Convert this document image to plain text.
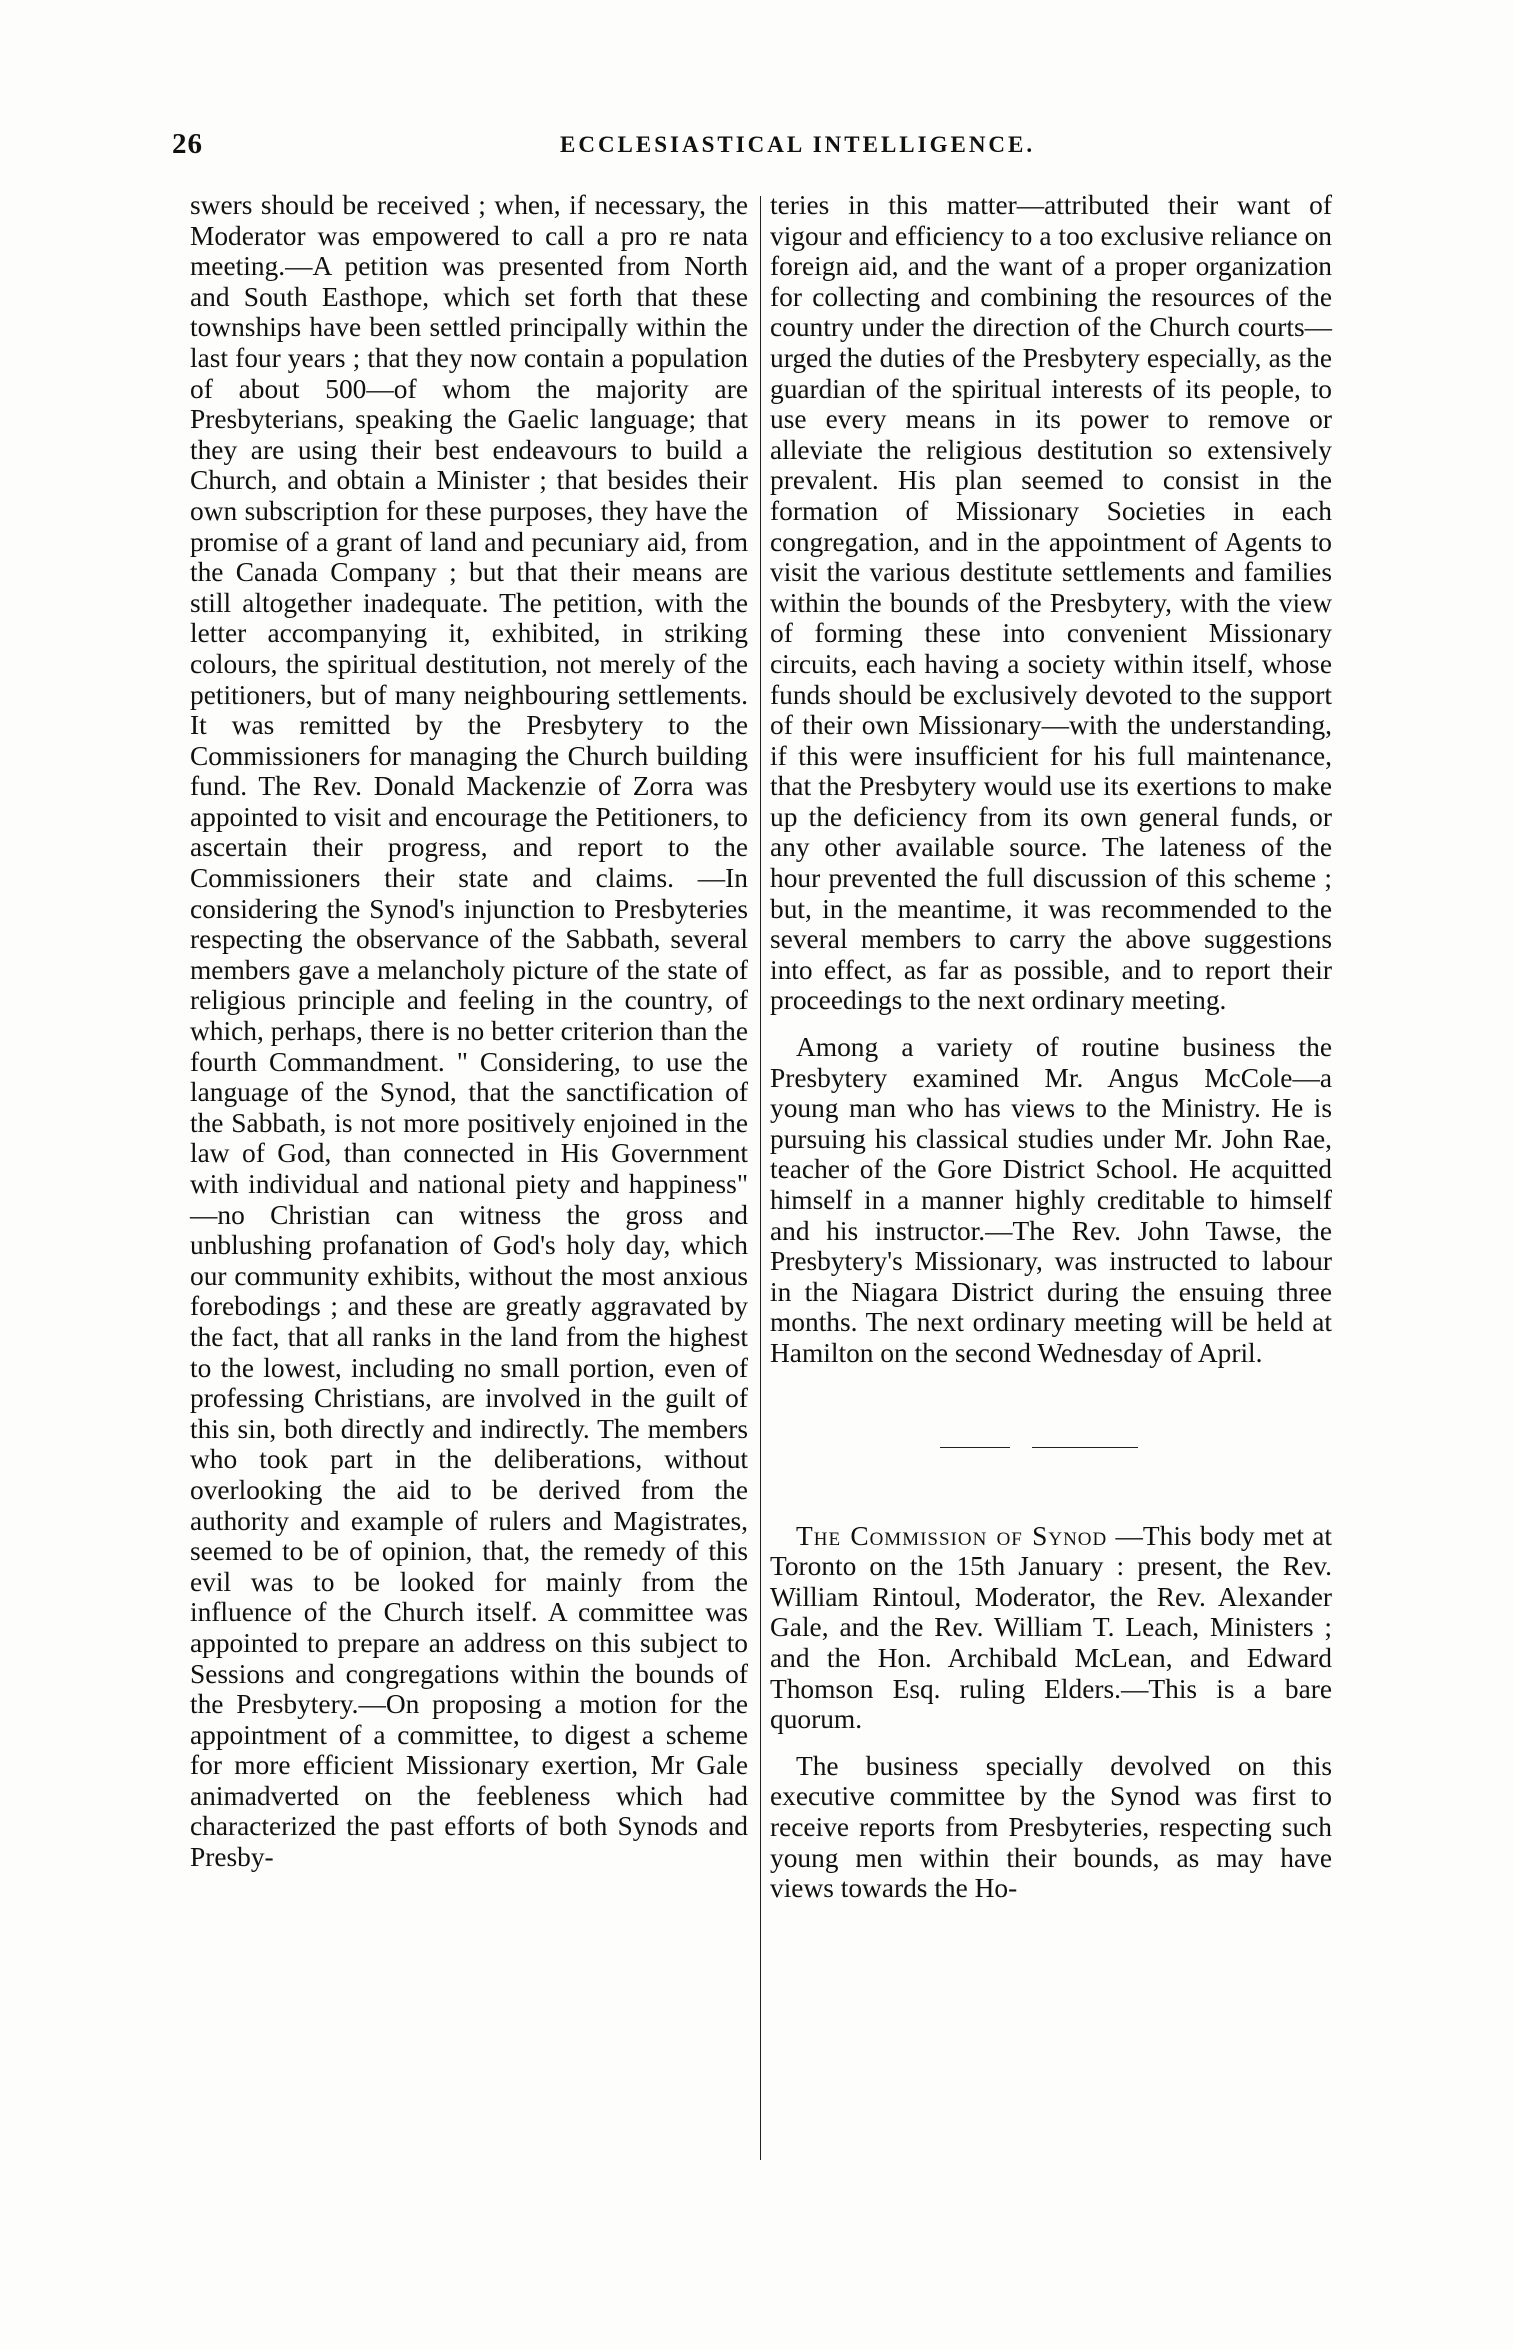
26	ECCLESIASTICAL INTELLIGENCE.

swers should be received ; when, if necessary, the Moderator was empowered to call a pro re nata meeting.—A petition was presented from North and South Easthope, which set forth that these townships have been settled principally within the last four years ; that they now contain a population of about 500—of whom the majority are Presbyterians, speaking the Gaelic language; that they are using their best endeavours to build a Church, and obtain a Minister ; that besides their own subscription for these purposes, they have the promise of a grant of land and pecuniary aid, from the Canada Company ; but that their means are still altogether inadequate. The petition, with the letter accompanying it, exhibited, in striking colours, the spiritual destitution, not merely of the petitioners, but of many neighbouring settlements. It was remitted by the Presbytery to the Commissioners for managing the Church building fund. The Rev. Donald Mackenzie of Zorra was appointed to visit and encourage the Petitioners, to ascertain their progress, and report to the Commissioners their state and claims. —In considering the Synod's injunction to Presbyteries respecting the observance of the Sabbath, several members gave a melancholy picture of the state of religious principle and feeling in the country, of which, perhaps, there is no better criterion than the fourth Commandment. " Considering, to use the language of the Synod, that the sanctification of the Sabbath, is not more positively enjoined in the law of God, than connected in His Government with individual and national piety and happiness" —no Christian can witness the gross and unblushing profanation of God's holy day, which our community exhibits, without the most anxious forebodings ; and these are greatly aggravated by the fact, that all ranks in the land from the highest to the lowest, including no small portion, even of professing Christians, are involved in the guilt of this sin, both directly and indirectly. The members who took part in the deliberations, without overlooking the aid to be derived from the authority and example of rulers and Magistrates, seemed to be of opinion, that, the remedy of this evil was to be looked for mainly from the influence of the Church itself. A committee was appointed to prepare an address on this subject to Sessions and congregations within the bounds of the Presbytery.—On proposing a motion for the appointment of a committee, to digest a scheme for more efficient Missionary exertion, Mr Gale animadverted on the feebleness which had characterized the past efforts of both Synods and Presby-

teries in this matter—attributed their want of vigour and efficiency to a too exclusive reliance on foreign aid, and the want of a proper organization for collecting and combining the resources of the country under the direction of the Church courts—urged the duties of the Presbytery especially, as the guardian of the spiritual interests of its people, to use every means in its power to remove or alleviate the religious destitution so extensively prevalent. His plan seemed to consist in the formation of Missionary Societies in each congregation, and in the appointment of Agents to visit the various destitute settlements and families within the bounds of the Presbytery, with the view of forming these into convenient Missionary circuits, each having a society within itself, whose funds should be exclusively devoted to the support of their own Missionary—with the understanding, if this were insufficient for his full maintenance, that the Presbytery would use its exertions to make up the deficiency from its own general funds, or any other available source. The lateness of the hour prevented the full discussion of this scheme ; but, in the meantime, it was recommended to the several members to carry the above suggestions into effect, as far as possible, and to report their proceedings to the next ordinary meeting.

Among a variety of routine business the Presbytery examined Mr. Angus McCole—a young man who has views to the Ministry. He is pursuing his classical studies under Mr. John Rae, teacher of the Gore District School. He acquitted himself in a manner highly creditable to himself and his instructor.—The Rev. John Tawse, the Presbytery's Missionary, was instructed to labour in the Niagara District during the ensuing three months. The next ordinary meeting will be held at Hamilton on the second Wednesday of April.

The Commission of Synod —This body met at Toronto on the 15th January : present, the Rev. William Rintoul, Moderator, the Rev. Alexander Gale, and the Rev. William T. Leach, Ministers ; and the Hon. Archibald McLean, and Edward Thomson Esq. ruling Elders.—This is a bare quorum.

The business specially devolved on this executive committee by the Synod was first to receive reports from Presbyteries, respecting such young men within their bounds, as may have views towards the Ho-
